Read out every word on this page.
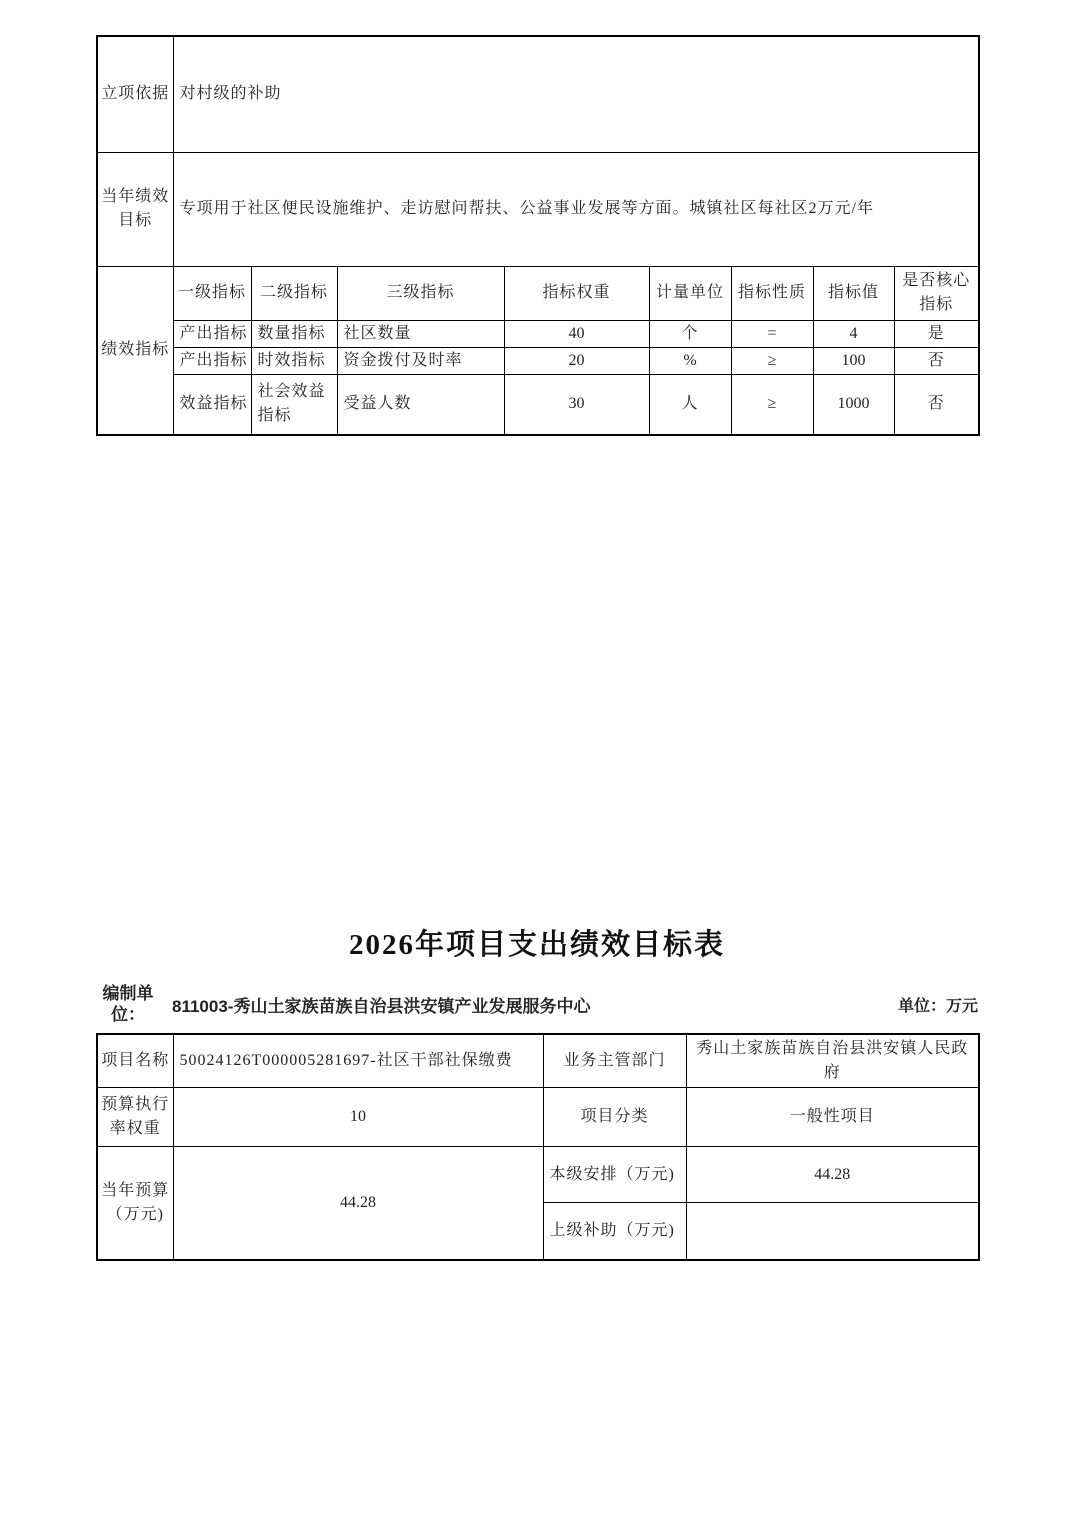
立项依据	对村级的补助							
当年绩效目标	专项用于社区便民设施维护、走访慰问帮扶、公益事业发展等方面。城镇社区每社区2万元/年							
绩效指标	一级指标	二级指标	三级指标	指标权重	计量单位	指标性质	指标值	是否核心指标
	产出指标	数量指标	社区数量	40	个	=	4	是
	产出指标	时效指标	资金拨付及时率	20	%	≥	100	否
	效益指标	社会效益指标	受益人数	30	人	≥	1000	否
2026年项目支出绩效目标表
编制单位：	811003-秀山土家族苗族自治县洪安镇产业发展服务中心	单位：万元
项目名称	50024126T000005281697-社区干部社保缴费	业务主管部门	秀山土家族苗族自治县洪安镇人民政府
预算执行率权重	10	项目分类	一般性项目
当年预算（万元)	44.28	本级安排（万元)	44.28
		上级补助（万元)	
